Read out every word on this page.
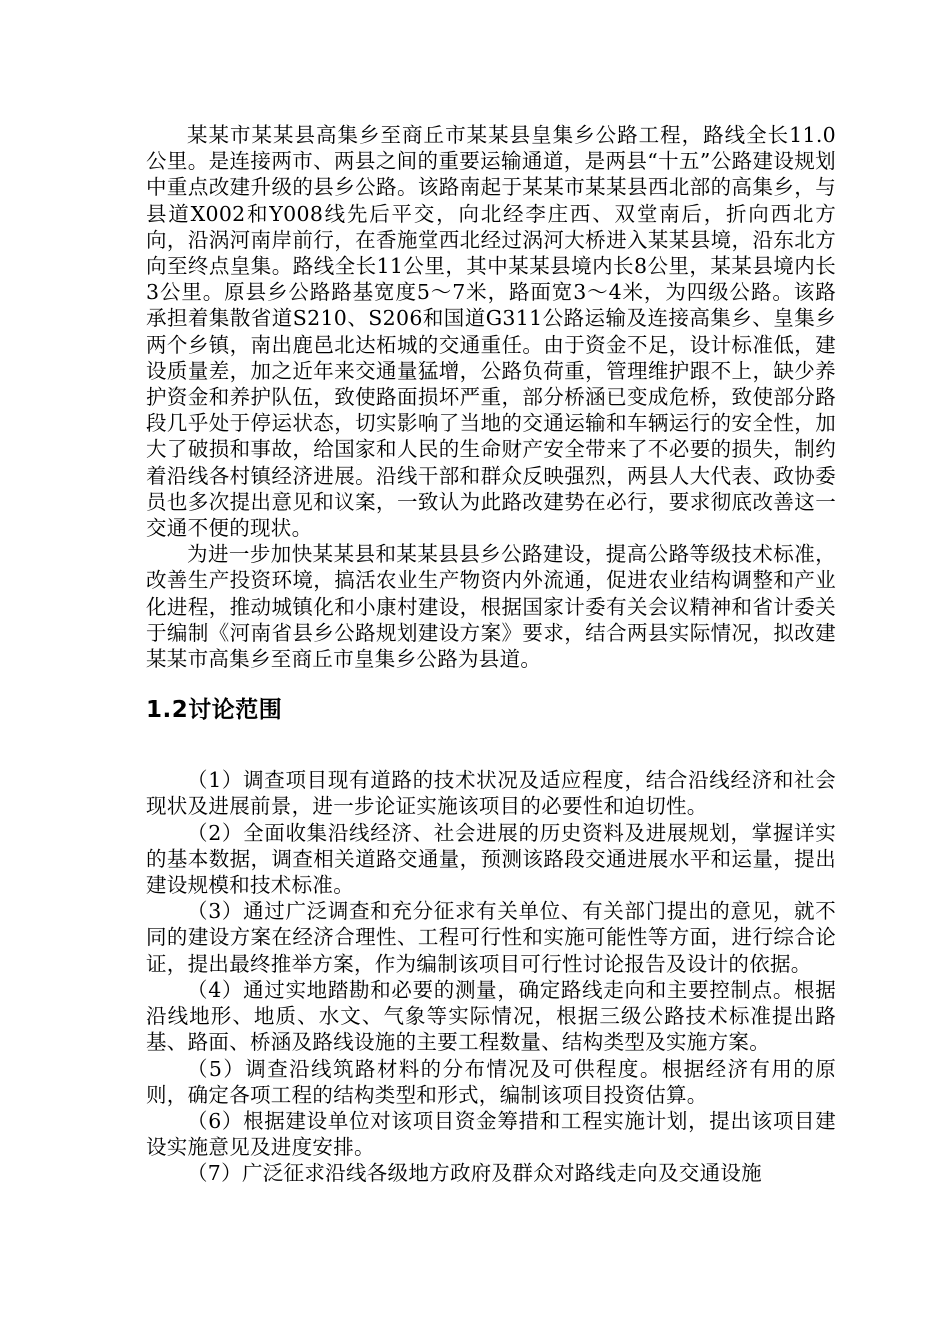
某某市某某县高集乡至商丘市某某县皇集乡公路工程，路线全长11.0公里。是连接两市、两县之间的重要运输通道，是两县“十五”公路建设规划中重点改建升级的县乡公路。该路南起于某某市某某县西北部的高集乡，与县道X002和Y008线先后平交，向北经李庄西、双堂南后，折向西北方向，沿涡河南岸前行，在香施堂西北经过涡河大桥进入某某县境，沿东北方向至终点皇集。路线全长11公里，其中某某县境内长8公里，某某县境内长3公里。原县乡公路路基宽度5～7米，路面宽3～4米，为四级公路。该路承担着集散省道S210、S206和国道G311公路运输及连接高集乡、皇集乡两个乡镇，南出鹿邑北达柘城的交通重任。由于资金不足，设计标准低，建设质量差，加之近年来交通量猛增，公路负荷重，管理维护跟不上，缺少养护资金和养护队伍，致使路面损坏严重，部分桥涵已变成危桥，致使部分路段几乎处于停运状态，切实影响了当地的交通运输和车辆运行的安全性，加大了破损和事故，给国家和人民的生命财产安全带来了不必要的损失，制约着沿线各村镇经济进展。沿线干部和群众反映强烈，两县人大代表、政协委员也多次提出意见和议案，一致认为此路改建势在必行，要求彻底改善这一交通不便的现状。

为进一步加快某某县和某某县县乡公路建设，提高公路等级技术标准，改善生产投资环境，搞活农业生产物资内外流通，促进农业结构调整和产业化进程，推动城镇化和小康村建设，根据国家计委有关会议精神和省计委关于编制《河南省县乡公路规划建设方案》要求，结合两县实际情况，拟改建某某市高集乡至商丘市皇集乡公路为县道。

1.2讨论范围

（1）调查项目现有道路的技术状况及适应程度，结合沿线经济和社会现状及进展前景，进一步论证实施该项目的必要性和迫切性。

（2）全面收集沿线经济、社会进展的历史资料及进展规划，掌握详实的基本数据，调查相关道路交通量，预测该路段交通进展水平和运量，提出建设规模和技术标准。

（3）通过广泛调查和充分征求有关单位、有关部门提出的意见，就不同的建设方案在经济合理性、工程可行性和实施可能性等方面，进行综合论证，提出最终推举方案，作为编制该项目可行性讨论报告及设计的依据。

（4）通过实地踏勘和必要的测量，确定路线走向和主要控制点。根据沿线地形、地质、水文、气象等实际情况，根据三级公路技术标准提出路基、路面、桥涵及路线设施的主要工程数量、结构类型及实施方案。

（5）调查沿线筑路材料的分布情况及可供程度。根据经济有用的原则，确定各项工程的结构类型和形式，编制该项目投资估算。

（6）根据建设单位对该项目资金筹措和工程实施计划，提出该项目建设实施意见及进度安排。

（7）广泛征求沿线各级地方政府及群众对路线走向及交通设施
